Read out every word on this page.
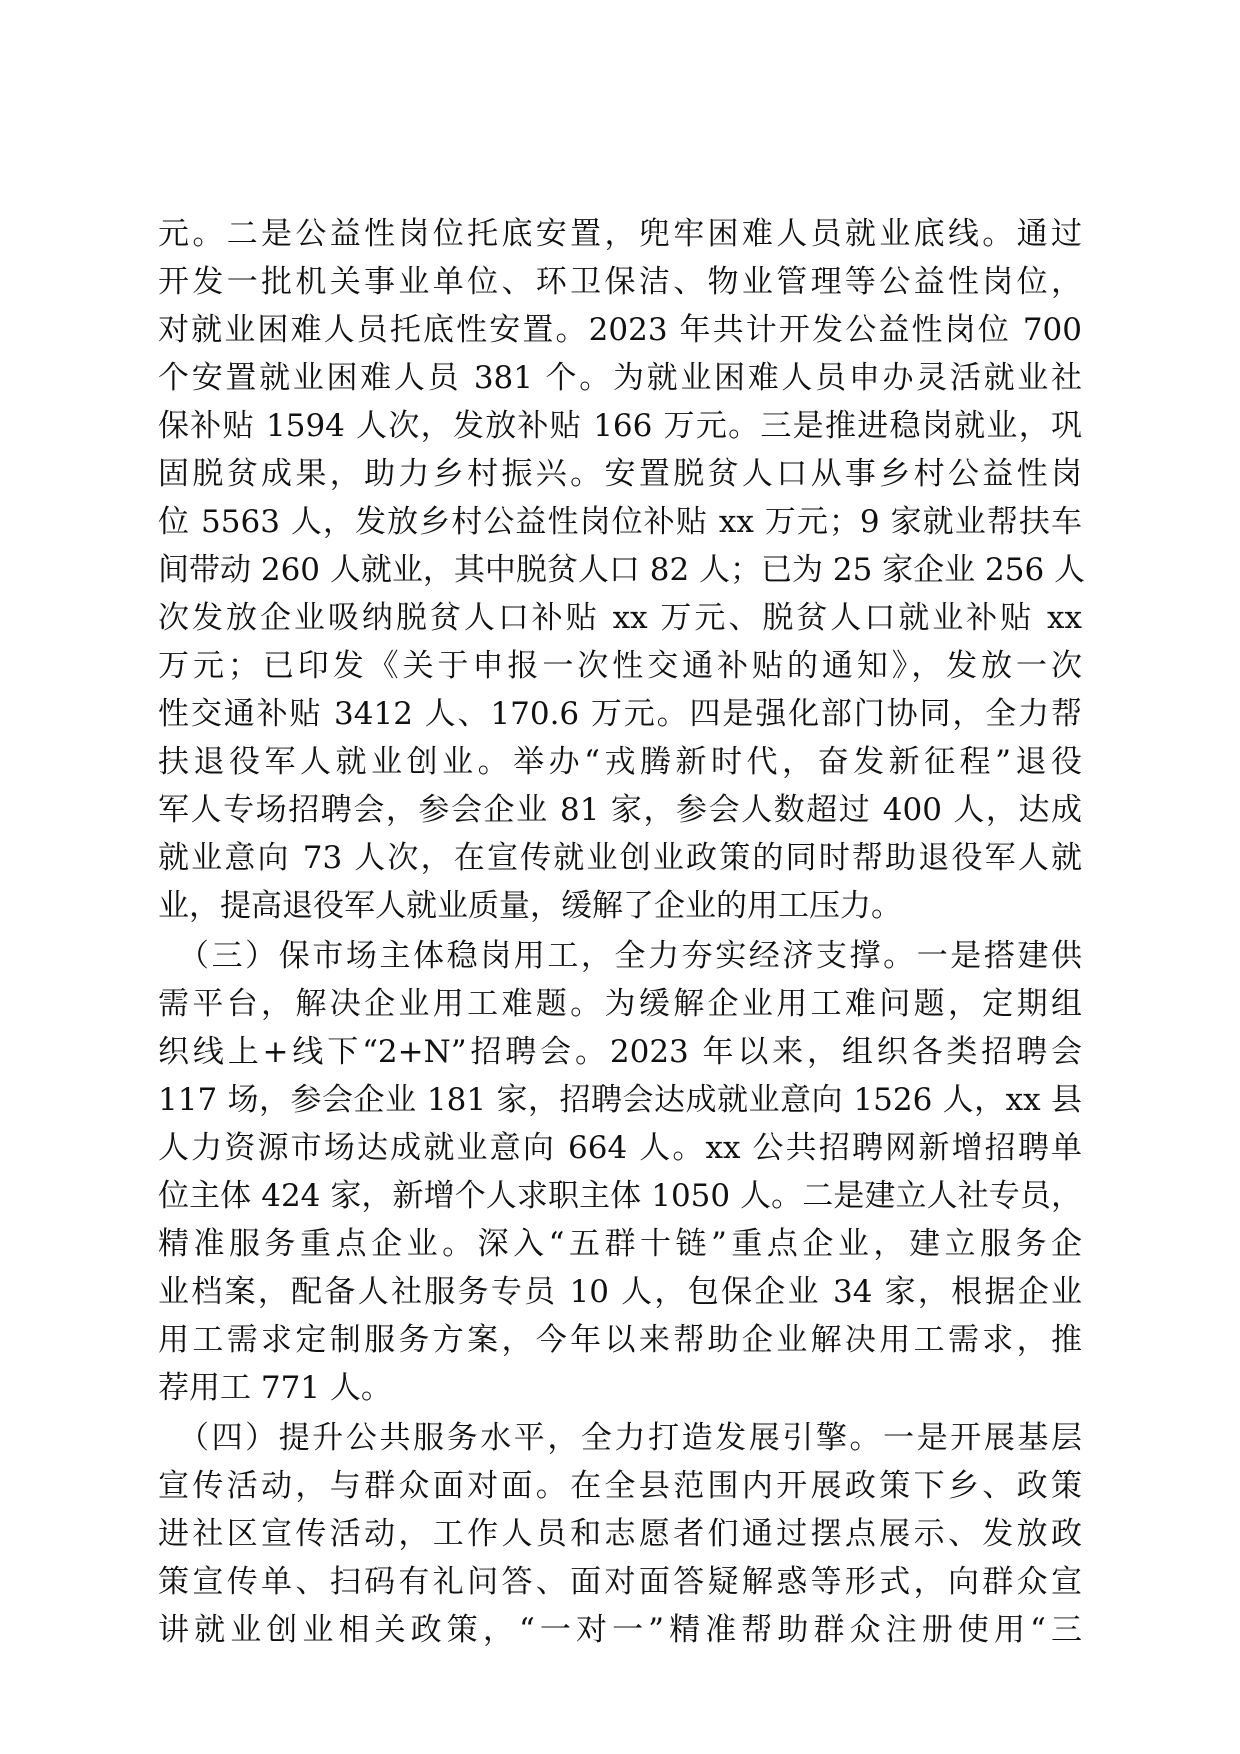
元。二是公益性岗位托底安置，兜牢困难人员就业底线。通过
开发一批机关事业单位、环卫保洁、物业管理等公益性岗位，
对就业困难人员托底性安置。2023 年共计开发公益性岗位 700
个安置就业困难人员 381 个。为就业困难人员申办灵活就业社
保补贴 1594 人次，发放补贴 166 万元。三是推进稳岗就业，巩
固脱贫成果，助力乡村振兴。安置脱贫人口从事乡村公益性岗
位 5563 人，发放乡村公益性岗位补贴 xx 万元；9 家就业帮扶车
间带动 260 人就业，其中脱贫人口 82 人；已为 25 家企业 256 人
次发放企业吸纳脱贫人口补贴 xx 万元、脱贫人口就业补贴 xx
万元；已印发《关于申报一次性交通补贴的通知》，发放一次
性交通补贴 3412 人、170.6 万元。四是强化部门协同，全力帮
扶退役军人就业创业。举办“戎腾新时代，奋发新征程”退役
军人专场招聘会，参会企业 81 家，参会人数超过 400 人，达成
就业意向 73 人次，在宣传就业创业政策的同时帮助退役军人就
业，提高退役军人就业质量，缓解了企业的用工压力。
（三）保市场主体稳岗用工，全力夯实经济支撑。一是搭建供
需平台，解决企业用工难题。为缓解企业用工难问题，定期组
织线上+线下“2+N”招聘会。2023 年以来，组织各类招聘会
117 场，参会企业 181 家，招聘会达成就业意向 1526 人，xx 县
人力资源市场达成就业意向 664 人。xx 公共招聘网新增招聘单
位主体 424 家，新增个人求职主体 1050 人。二是建立人社专员，
精准服务重点企业。深入“五群十链”重点企业，建立服务企
业档案，配备人社服务专员 10 人，包保企业 34 家，根据企业
用工需求定制服务方案，今年以来帮助企业解决用工需求，推
荐用工 771 人。
（四）提升公共服务水平，全力打造发展引擎。一是开展基层
宣传活动，与群众面对面。在全县范围内开展政策下乡、政策
进社区宣传活动，工作人员和志愿者们通过摆点展示、发放政
策宣传单、扫码有礼问答、面对面答疑解惑等形式，向群众宣
讲就业创业相关政策，“一对一”精准帮助群众注册使用“三
